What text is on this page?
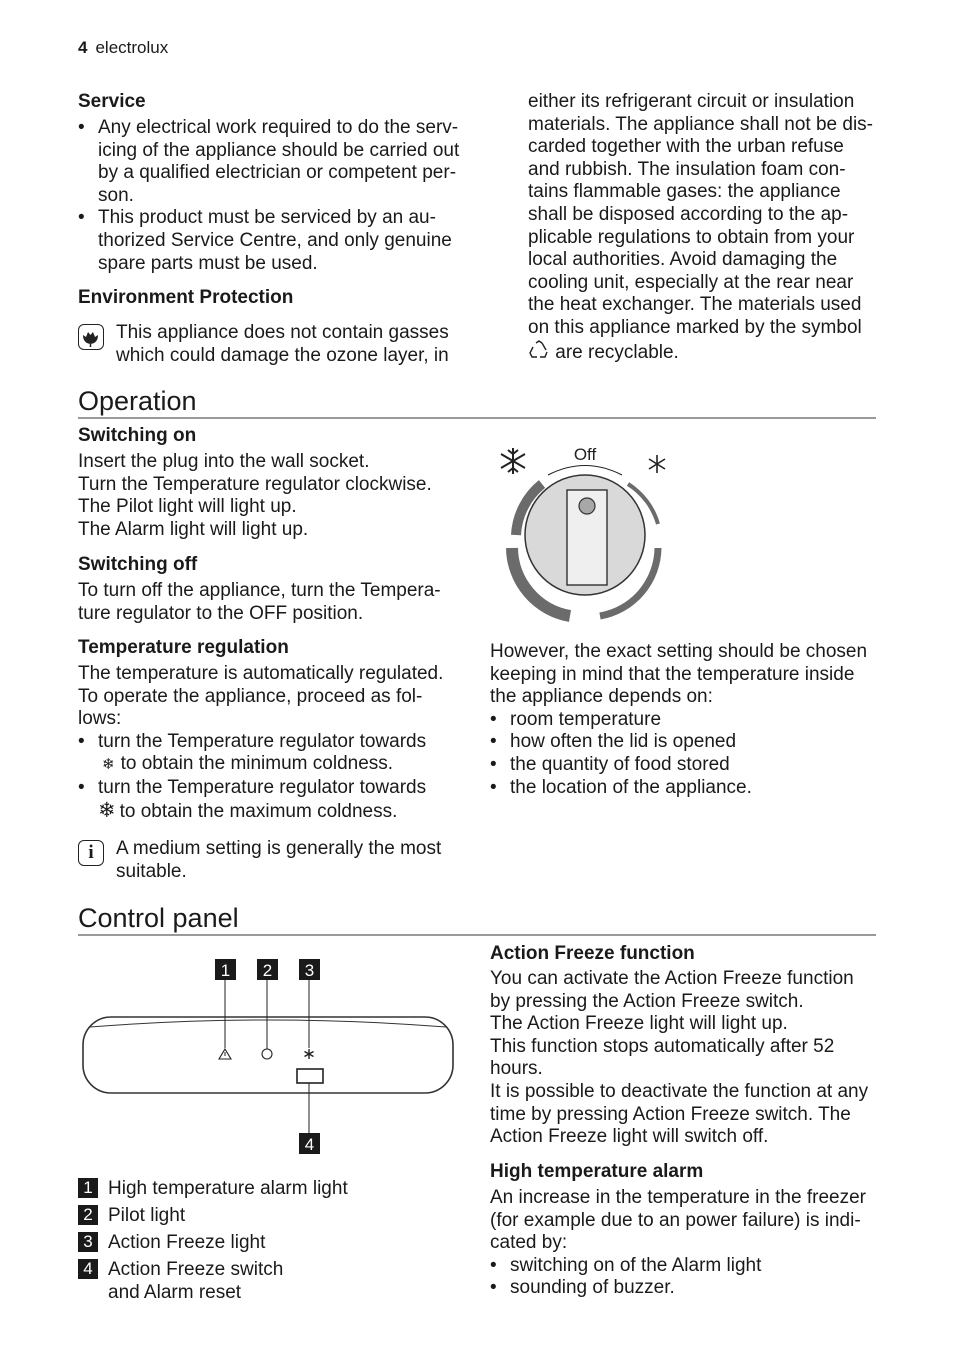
4 electrolux
Service
• Any electrical work required to do the serv-
icing of the appliance should be carried out
by a qualified electrician or competent per-
son.
• This product must be serviced by an au-
thorized Service Centre, and only genuine
spare parts must be used.
Environment Protection
This appliance does not contain gasses
which could damage the ozone layer, in
either its refrigerant circuit or insulation
materials. The appliance shall not be dis-
carded together with the urban refuse
and rubbish. The insulation foam con-
tains flammable gases: the appliance
shall be disposed according to the ap-
plicable regulations to obtain from your
local authorities. Avoid damaging the
cooling unit, especially at the rear near
the heat exchanger. The materials used
on this appliance marked by the symbol
are recyclable.
Operation
Switching on
Insert the plug into the wall socket.
Turn the Temperature regulator clockwise.
The Pilot light will light up.
The Alarm light will light up.
Switching off
To turn off the appliance, turn the Tempera-
ture regulator to the OFF position.
Temperature regulation
The temperature is automatically regulated.
To operate the appliance, proceed as fol-
lows:
• turn the Temperature regulator towards
❄ to obtain the minimum coldness.
• turn the Temperature regulator towards
❄ to obtain the maximum coldness.
i	A medium setting is generally the most
suitable.
Off
However, the exact setting should be chosen
keeping in mind that the temperature inside
the appliance depends on:
• room temperature
• how often the lid is opened
• the quantity of food stored
• the location of the appliance.
Control panel
1 2 3
4
1 High temperature alarm light
2 Pilot light
3 Action Freeze light
4 Action Freeze switch
and Alarm reset
Action Freeze function
You can activate the Action Freeze function
by pressing the Action Freeze switch.
The Action Freeze light will light up.
This function stops automatically after 52
hours.
It is possible to deactivate the function at any
time by pressing Action Freeze switch. The
Action Freeze light will switch off.
High temperature alarm
An increase in the temperature in the freezer
(for example due to an power failure) is indi-
cated by:
• switching on of the Alarm light
• sounding of buzzer.
